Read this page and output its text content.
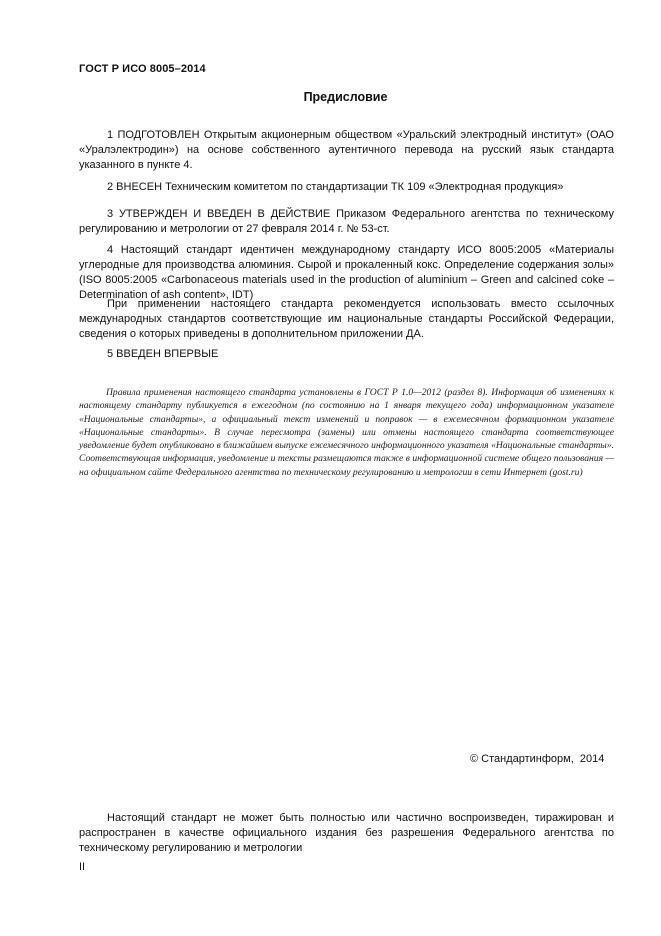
ГОСТ Р ИСО 8005–2014
Предисловие

1 ПОДГОТОВЛЕН Открытым акционерным обществом «Уральский электродный институт» (ОАО «Уралэлектродин») на основе собственного аутентичного перевода на русский язык стандарта указанного в пункте 4.

2 ВНЕСЕН Техническим комитетом по стандартизации ТК 109 «Электродная продукция»

3 УТВЕРЖДЕН И ВВЕДЕН В ДЕЙСТВИЕ Приказом Федерального агентства по техническому регулированию и метрологии от 27 февраля 2014 г. № 53-ст.

4 Настоящий стандарт идентичен международному стандарту ИСО 8005:2005 «Материалы углеродные для производства алюминия. Сырой и прокаленный кокс. Определение содержания золы» (ISO 8005:2005 «Carbonaceous materials used in the production of aluminium – Green and calcined coke – Determination of ash content», IDT)

При применении настоящего стандарта рекомендуется использовать вместо ссылочных международных стандартов соответствующие им национальные стандарты Российской Федерации, сведения о которых приведены в дополнительном приложении ДА.

5 ВВЕДЕН ВПЕРВЫЕ

Правила применения настоящего стандарта установлены в ГОСТ Р 1.0—2012 (раздел 8). Информация об изменениях к настоящему стандарту публикуется в ежегодном (по состоянию на 1 января текущего года) информационном указателе «Национальные стандарты», а официальный текст изменений и поправок — в ежемесячном формационном указателе «Национальные стандарты». В случае пересмотра (замены) или отмены настоящего стандарта соответствующее уведомление будет опубликовано в ближайшем выпуске ежемесячного информационного указателя «Национальные стандарты». Соответствующая информация, уведомление и тексты размещаются также в информационной системе общего пользования — на официальном сайте Федерального агентства по техническому регулированию и метрологии в сети Интернет (gost.ru)

© Стандартинформ,  2014

Настоящий стандарт не может быть полностью или частично воспроизведен, тиражирован и распространен в качестве официального издания без разрешения Федерального агентства по техническому регулированию и метрологии

II
